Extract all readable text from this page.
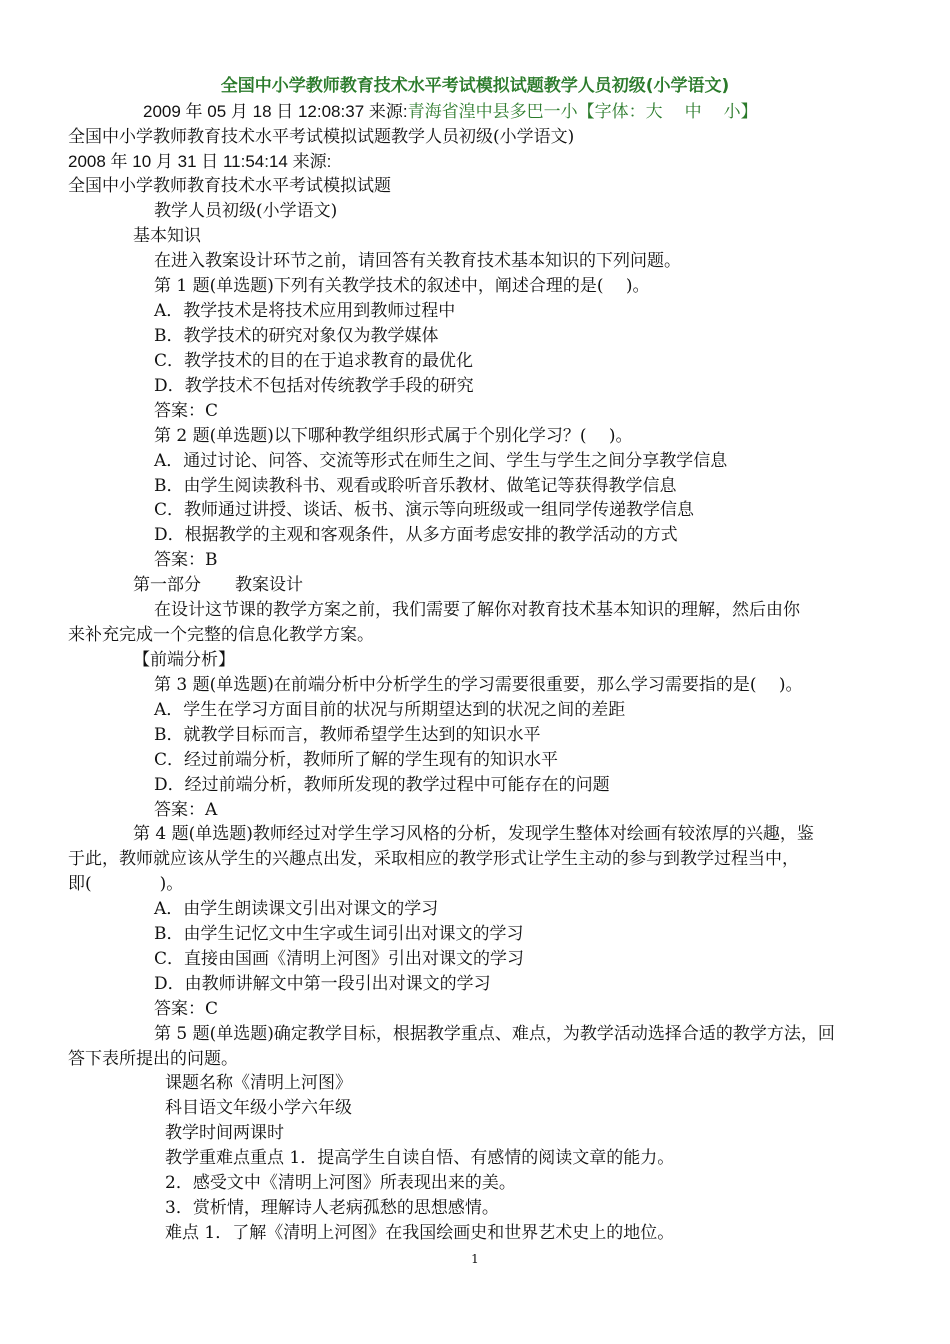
全国中小学教师教育技术水平考试模拟试题教学人员初级(小学语文)
2009 年 05 月 18 日 12:08:37 来源:青海省湟中县多巴一小【字体：大 中 小】
全国中小学教师教育技术水平考试模拟试题教学人员初级(小学语文)
2008 年 10 月 31 日 11:54:14 来源:
全国中小学教师教育技术水平考试模拟试题
教学人员初级(小学语文)
基本知识
在进入教案设计环节之前，请回答有关教育技术基本知识的下列问题。
第 1 题(单选题)下列有关教学技术的叙述中，阐述合理的是(　 )。
A．教学技术是将技术应用到教师过程中
B．教学技术的研究对象仅为教学媒体
C．教学技术的目的在于追求教育的最优化
D．教学技术不包括对传统教学手段的研究
答案：C
第 2 题(单选题)以下哪种教学组织形式属于个别化学习？(　 )。
A．通过讨论、问答、交流等形式在师生之间、学生与学生之间分享教学信息
B．由学生阅读教科书、观看或聆听音乐教材、做笔记等获得教学信息
C．教师通过讲授、谈话、板书、演示等向班级或一组同学传递教学信息
D．根据教学的主观和客观条件，从多方面考虑安排的教学活动的方式
答案：B
第一部分　　教案设计
在设计这节课的教学方案之前，我们需要了解你对教育技术基本知识的理解，然后由你
来补充完成一个完整的信息化教学方案。
【前端分析】
第 3 题(单选题)在前端分析中分析学生的学习需要很重要，那么学习需要指的是(　 )。
A．学生在学习方面目前的状况与所期望达到的状况之间的差距
B．就教学目标而言，教师希望学生达到的知识水平
C．经过前端分析，教师所了解的学生现有的知识水平
D．经过前端分析，教师所发现的教学过程中可能存在的问题
答案：A
第 4 题(单选题)教师经过对学生学习风格的分析，发现学生整体对绘画有较浓厚的兴趣，鉴
于此，教师就应该从学生的兴趣点出发，采取相应的教学形式让学生主动的参与到教学过程当中，
即(　　　　)。
A．由学生朗读课文引出对课文的学习
B．由学生记忆文中生字或生词引出对课文的学习
C．直接由国画《清明上河图》引出对课文的学习
D．由教师讲解文中第一段引出对课文的学习
答案：C
第 5 题(单选题)确定教学目标，根据教学重点、难点，为教学活动选择合适的教学方法，回
答下表所提出的问题。
课题名称《清明上河图》
科目语文年级小学六年级
教学时间两课时
教学重难点重点 1．提高学生自读自悟、有感情的阅读文章的能力。
2．感受文中《清明上河图》所表现出来的美。
3．赏析情，理解诗人老病孤愁的思想感情。
难点 1．了解《清明上河图》在我国绘画史和世界艺术史上的地位。
1
